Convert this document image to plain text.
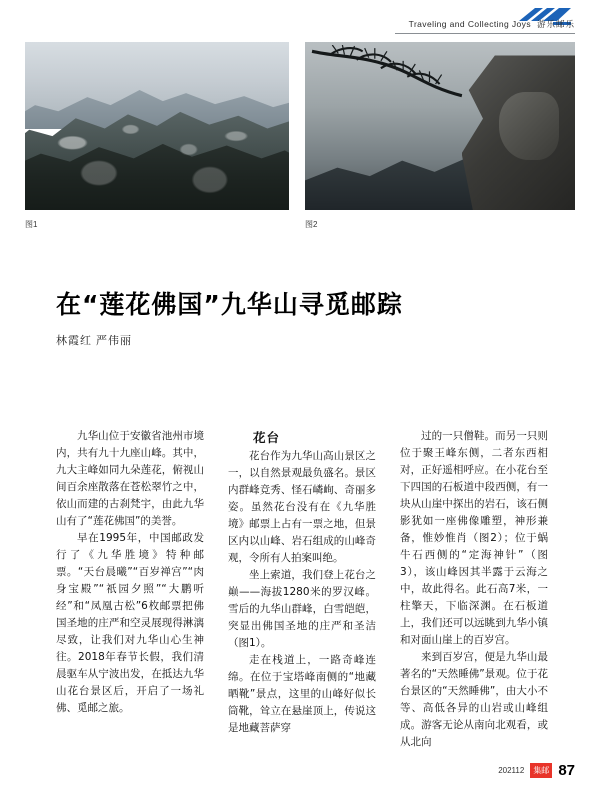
Traveling and Collecting Joys 游乐邮乐
图1	图2
在“莲花佛国”九华山寻觅邮踪
林霞红 严伟丽

九华山位于安徽省池州市境内，共有九十九座山峰。其中，九大主峰如同九朵莲花，俯视山间百余座散落在苍松翠竹之中，依山而建的古刹梵宇，由此九华山有了“莲花佛国”的美誉。

早在1995年，中国邮政发行了《九华胜境》特种邮票。“天台晨曦”“百岁禅宫”“肉身宝殿”“祇园夕照”“大鹏听经”和“凤凰古松”6枚邮票把佛国圣地的庄严和空灵展现得淋漓尽致，让我们对九华山心生神往。2018年春节长假，我们清晨驱车从宁波出发，在抵达九华山花台景区后，开启了一场礼佛、觅邮之旅。

花台

花台作为九华山高山景区之一，以自然景观最负盛名。景区内群峰竞秀、怪石嶙峋、奇丽多姿。虽然花台没有在《九华胜境》邮票上占有一票之地，但景区内以山峰、岩石组成的山峰奇观，令所有人拍案叫绝。

坐上索道，我们登上花台之巅——海拔1280米的罗汉峰。雪后的九华山群峰，白雪皑皑，突显出佛国圣地的庄严和圣洁（图1）。

走在栈道上，一路奇峰连绵。在位于宝塔峰南侧的“地藏晒靴”景点，这里的山峰好似长筒靴，耸立在悬崖顶上，传说这是地藏菩萨穿

过的一只僧鞋。而另一只则位于聚王峰东侧，二者东西相对，正好遥相呼应。在小花台至下四国的石板道中段西侧，有一块从山崖中探出的岩石，该石侧影犹如一座佛像雕塑，神形兼备，惟妙惟肖（图2）；位于蜗牛石西侧的“定海神针”（图3），该山峰因其半露于云海之中，故此得名。此石高7米，一柱擎天，下临深渊。在石板道上，我们还可以远眺到九华小镇和对面山崖上的百岁宫。

来到百岁宫，便是九华山最著名的“天然睡佛”景观。位于花台景区的“天然睡佛”，由大小不等、高低各异的山岩或山峰组成。游客无论从南向北观看，或从北向

202112	集邮 87
